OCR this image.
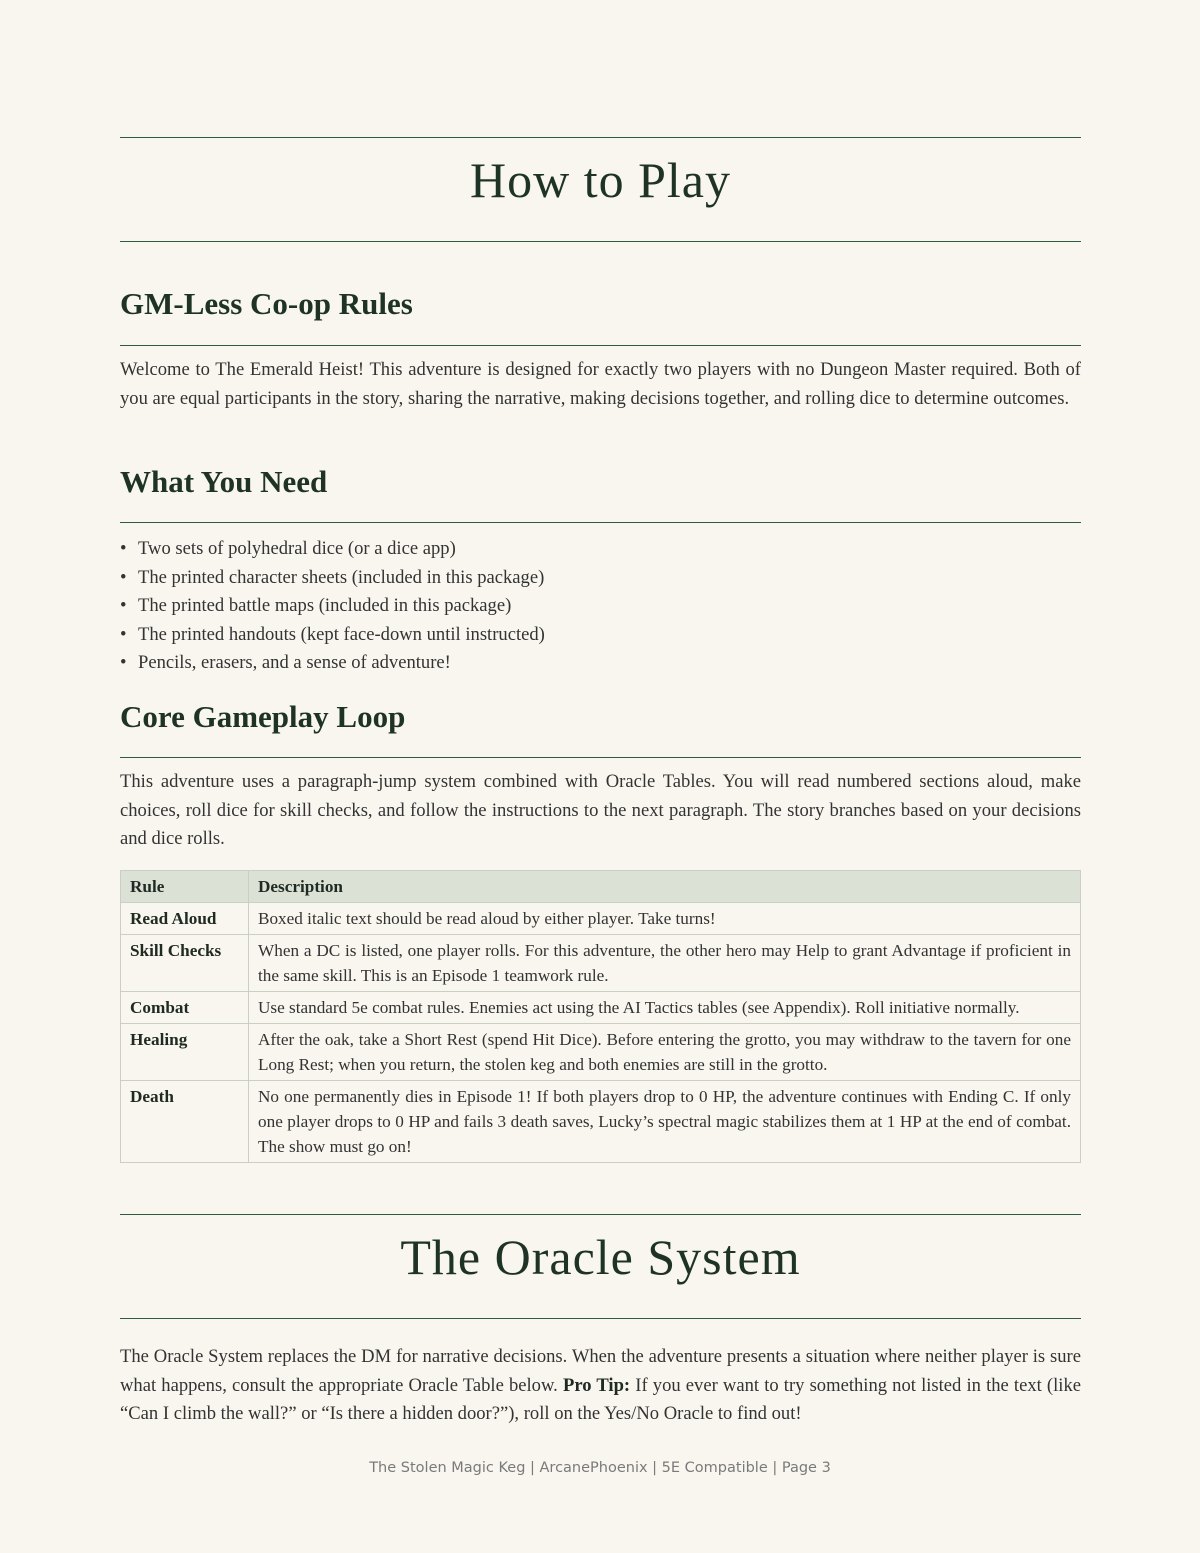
How to Play
GM-Less Co-op Rules

Welcome to The Emerald Heist! This adventure is designed for exactly two players with no Dungeon Master required. Both of you are equal participants in the story, sharing the narrative, making decisions together, and rolling dice to determine outcomes.

What You Need
• Two sets of polyhedral dice (or a dice app)
• The printed character sheets (included in this package)
• The printed battle maps (included in this package)
• The printed handouts (kept face-down until instructed)
• Pencils, erasers, and a sense of adventure!
Core Gameplay Loop

This adventure uses a paragraph-jump system combined with Oracle Tables. You will read numbered sections aloud, make choices, roll dice for skill checks, and follow the instructions to the next paragraph. The story branches based on your decisions and dice rolls.

Rule	Description
Read Aloud	Boxed italic text should be read aloud by either player. Take turns!
Skill Checks	When a DC is listed, one player rolls. For this adventure, the other hero may Help to grant Advantage if proficient in the same skill. This is an Episode 1 teamwork rule.
Combat	Use standard 5e combat rules. Enemies act using the AI Tactics tables (see Appendix). Roll initiative normally.
Healing	After the oak, take a Short Rest (spend Hit Dice). Before entering the grotto, you may withdraw to the tavern for one Long Rest; when you return, the stolen keg and both enemies are still in the grotto.
Death	No one permanently dies in Episode 1! If both players drop to 0 HP, the adventure continues with Ending C. If only one player drops to 0 HP and fails 3 death saves, Lucky’s spectral magic stabilizes them at 1 HP at the end of combat. The show must go on!
The Oracle System

The Oracle System replaces the DM for narrative decisions. When the adventure presents a situation where neither player is sure what happens, consult the appropriate Oracle Table below. Pro Tip: If you ever want to try something not listed in the text (like “Can I climb the wall?” or “Is there a hidden door?”), roll on the Yes/No Oracle to find out!

The Stolen Magic Keg | ArcanePhoenix | 5E Compatible | Page 3
